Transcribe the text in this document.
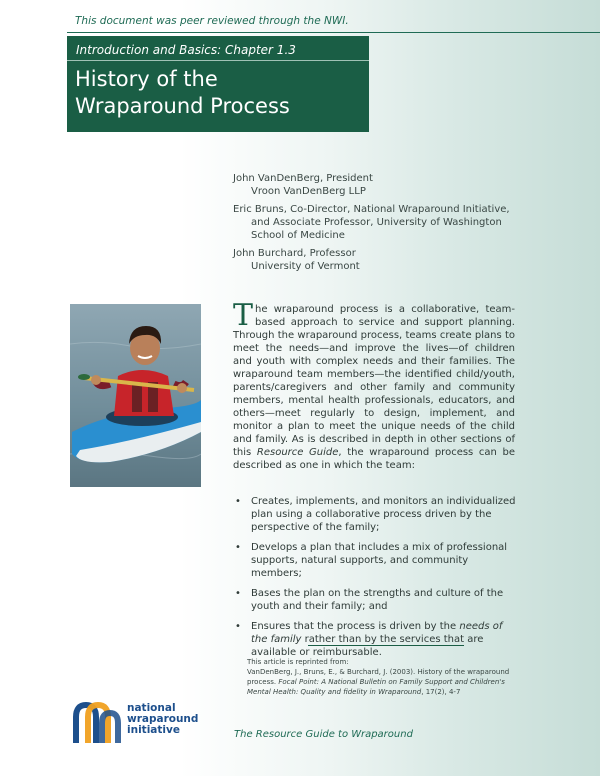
This document was peer reviewed through the NWI.
Introduction and Basics: Chapter 1.3
History of the
Wraparound Process
John VanDenBerg, President
Vroon VanDenBerg LLP
Eric Bruns, Co-Director, National Wraparound Initiative,
and Associate Professor, University of Washington
School of Medicine
John Burchard, Professor
University of Vermont
The wraparound process is a collaborative, team-based approach to service and support planning. Through the wraparound process, teams create plans to meet the needs—and improve the lives—of children and youth with complex needs and their families. The wraparound team members—the identified child/youth, parents/caregivers and other family and community members, mental health professionals, educators, and others—meet regularly to design, implement, and monitor a plan to meet the unique needs of the child and family. As is described in depth in other sections of this Resource Guide, the wraparound process can be described as one in which the team:
• Creates, implements, and monitors an individualized plan using a collaborative process driven by the perspective of the family;
• Develops a plan that includes a mix of professional supports, natural supports, and community members;
• Bases the plan on the strengths and culture of the youth and their family; and
• Ensures that the process is driven by the needs of the family rather than by the services that are available or reimbursable.
This article is reprinted from:
VanDenBerg, J., Bruns, E., & Burchard, J. (2003). History of the wraparound process. Focal Point: A National Bulletin on Family Support and Children's Mental Health: Quality and fidelity in Wraparound, 17(2), 4-7
national
wraparound
initiative	The Resource Guide to Wraparound
